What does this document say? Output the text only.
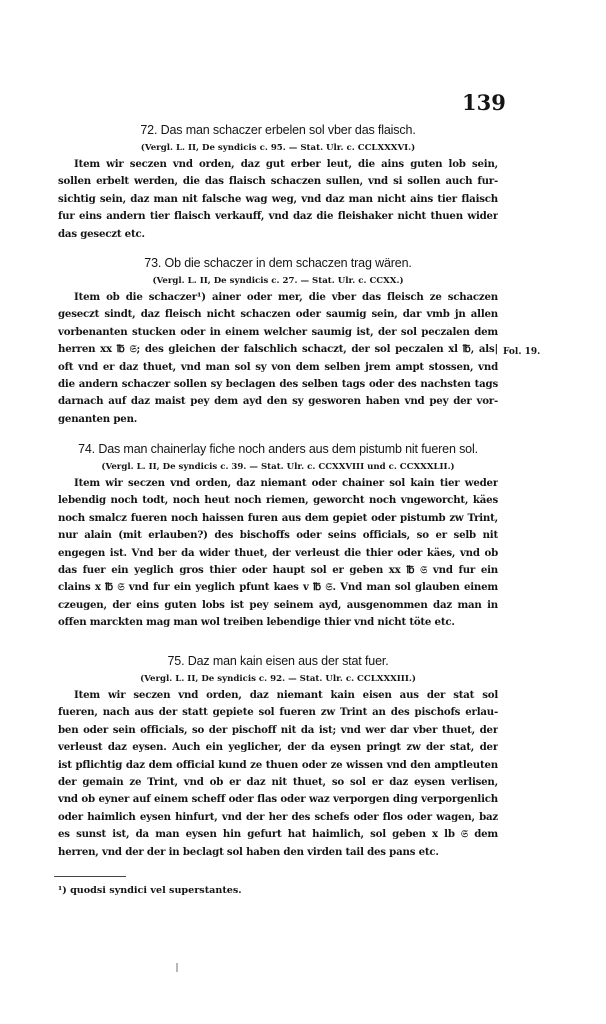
139
72. Das man schaczer erbelen sol vber das flaisch.
(Vergl. L. II, De syndicis c. 95. — Stat. Ulr. c. CCLXXXVI.)
Item wir seczen vnd orden, daz gut erber leut, die ains guten lob sein,
sollen erbelt werden, die das flaisch schaczen sullen, vnd si sollen auch fur-
sichtig sein, daz man nit falsche wag weg, vnd daz man nicht ains tier flaisch
fur eins andern tier flaisch verkauff, vnd daz die fleishaker nicht thuen wider
das geseczt etc.
73. Ob die schaczer in dem schaczen trag wären.
(Vergl. L. II, De syndicis c. 27. — Stat. Ulr. c. CCXX.)
Item ob die schaczer¹) ainer oder mer, die vber das fleisch ze schaczen
geseczt sindt, daz fleisch nicht schaczen oder saumig sein, dar vmb jn allen
vorbenanten stucken oder in einem welcher saumig ist, der sol peczalen dem
herren xx ℔ 𝔖; des gleichen der falschlich schaczt, der sol peczalen xl ℔, als|
oft vnd er daz thuet, vnd man sol sy von dem selben jrem ampt stossen, vnd
die andern schaczer sollen sy beclagen des selben tags oder des nachsten tags
darnach auf daz maist pey dem ayd den sy gesworen haben vnd pey der vor-
genanten pen.
Fol. 19.
74. Das man chainerlay fiche noch anders aus dem pistumb nit fueren sol.
(Vergl. L. II, De syndicis c. 39. — Stat. Ulr. c. CCXXVIII und c. CCXXXLII.)
Item wir seczen vnd orden, daz niemant oder chainer sol kain tier weder
lebendig noch todt, noch heut noch riemen, geworcht noch vngeworcht, käes
noch smalcz fueren noch haissen furen aus dem gepiet oder pistumb zw Trint,
nur alain (mit erlauben?) des bischoffs oder seins officials, so er selb nit
engegen ist. Vnd ber da wider thuet, der verleust die thier oder käes, vnd ob
das fuer ein yeglich gros thier oder haupt sol er geben xx ℔ 𝔖 vnd fur ein
clains x ℔ 𝔖 vnd fur ein yeglich pfunt kaes v ℔ 𝔖. Vnd man sol glauben einem
czeugen, der eins guten lobs ist pey seinem ayd, ausgenommen daz man in
offen marckten mag man wol treiben lebendige thier vnd nicht töte etc.
75. Daz man kain eisen aus der stat fuer.
(Vergl. L. II, De syndicis c. 92. — Stat. Ulr. c. CCLXXXIII.)
Item wir seczen vnd orden, daz niemant kain eisen aus der stat sol
fueren, nach aus der statt gepiete sol fueren zw Trint an des pischofs erlau-
ben oder sein officials, so der pischoff nit da ist; vnd wer dar vber thuet, der
verleust daz eysen. Auch ein yeglicher, der da eysen pringt zw der stat, der
ist pflichtig daz dem official kund ze thuen oder ze wissen vnd den amptleuten
der gemain ze Trint, vnd ob er daz nit thuet, so sol er daz eysen verlisen,
vnd ob eyner auf einem scheff oder flas oder waz verporgen ding verporgenlich
oder haimlich eysen hinfurt, vnd der her des schefs oder flos oder wagen, baz
es sunst ist, da man eysen hin gefurt hat haimlich, sol geben x lb 𝔖 dem
herren, vnd der der in beclagt sol haben den virden tail des pans etc.
¹) quodsi syndici vel superstantes.
